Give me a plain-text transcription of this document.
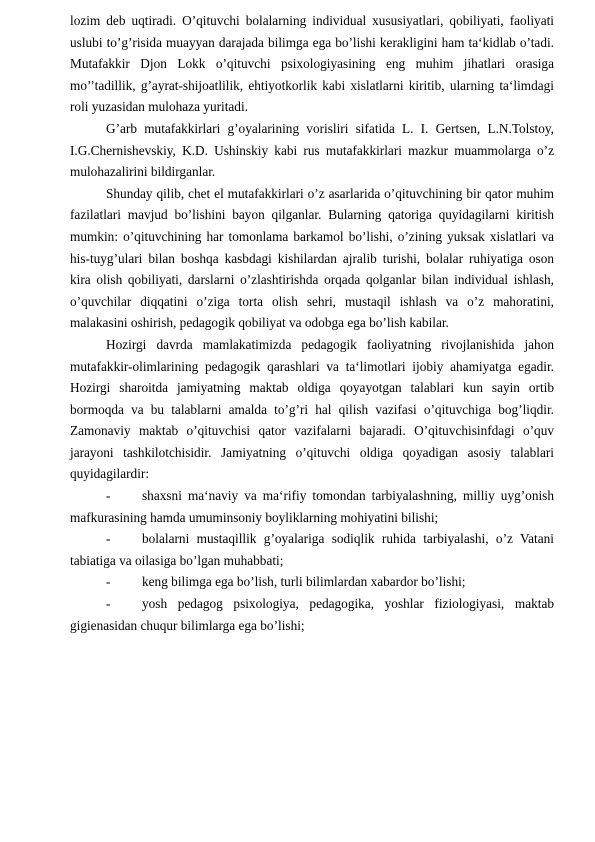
lozim deb uqtiradi. O’qituvchi bolalarning individual xususiyatlari, qobiliyati, faoliyati uslubi to’g’risida muayyan darajada bilimga ega bo’lishi kerakligini ham ta‘kidlab o’tadi. Mutafakkir Djon Lokk o’qituvchi psixologiyasining eng muhim jihatlari orasiga mo’’tadillik, g’ayrat-shijoatlilik, ehtiyotkorlik kabi xislatlarni kiritib, ularning ta‘limdagi roli yuzasidan mulohaza yuritadi.

G’arb mutafakkirlari g’oyalarining vorisliri sifatida L. I. Gertsen, L.N.Tolstoy, I.G.Chernishevskiy, K.D. Ushinskiy kabi rus mutafakkirlari mazkur muammolarga o’z mulohazalirini bildirganlar.

Shunday qilib, chet el mutafakkirlari o’z asarlarida o’qituvchining bir qator muhim fazilatlari mavjud bo’lishini bayon qilganlar. Bularning qatoriga quyidagilarni kiritish mumkin: o’qituvchining har tomonlama barkamol bo’lishi, o’zining yuksak xislatlari va his-tuyg’ulari bilan boshqa kasbdagi kishilardan ajralib turishi, bolalar ruhiyatiga oson kira olish qobiliyati, darslarni o’zlashtirishda orqada qolganlar bilan individual ishlash, o’quvchilar diqqatini o’ziga torta olish sehri, mustaqil ishlash va o’z mahoratini, malakasini oshirish, pedagogik qobiliyat va odobga ega bo’lish kabilar.

Hozirgi davrda mamlakatimizda pedagogik faoliyatning rivojlanishida jahon mutafakkir-olimlarining pedagogik qarashlari va ta‘limotlari ijobiy ahamiyatga egadir. Hozirgi sharoitda jamiyatning maktab oldiga qoyayotgan talablari kun sayin ortib bormoqda va bu talablarni amalda to’g’ri hal qilish vazifasi o’qituvchiga bog’liqdir. Zamonaviy maktab o’qituvchisi qator vazifalarni bajaradi. O’qituvchisinfdagi o’quv jarayoni tashkilotchisidir. Jamiyatning o’qituvchi oldiga qoyadigan asosiy talablari quyidagilardir:

- shaxsni ma‘naviy va ma‘rifiy tomondan tarbiyalashning, milliy uyg’onish mafkurasining hamda umuminsoniy boyliklarning mohiyatini bilishi;

- bolalarni mustaqillik g’oyalariga sodiqlik ruhida tarbiyalashi, o’z Vatani tabiatiga va oilasiga bo’lgan muhabbati;

- keng bilimga ega bo’lish, turli bilimlardan xabardor bo’lishi;

- yosh pedagog psixologiya, pedagogika, yoshlar fiziologiyasi, maktab gigienasidan chuqur bilimlarga ega bo’lishi;
